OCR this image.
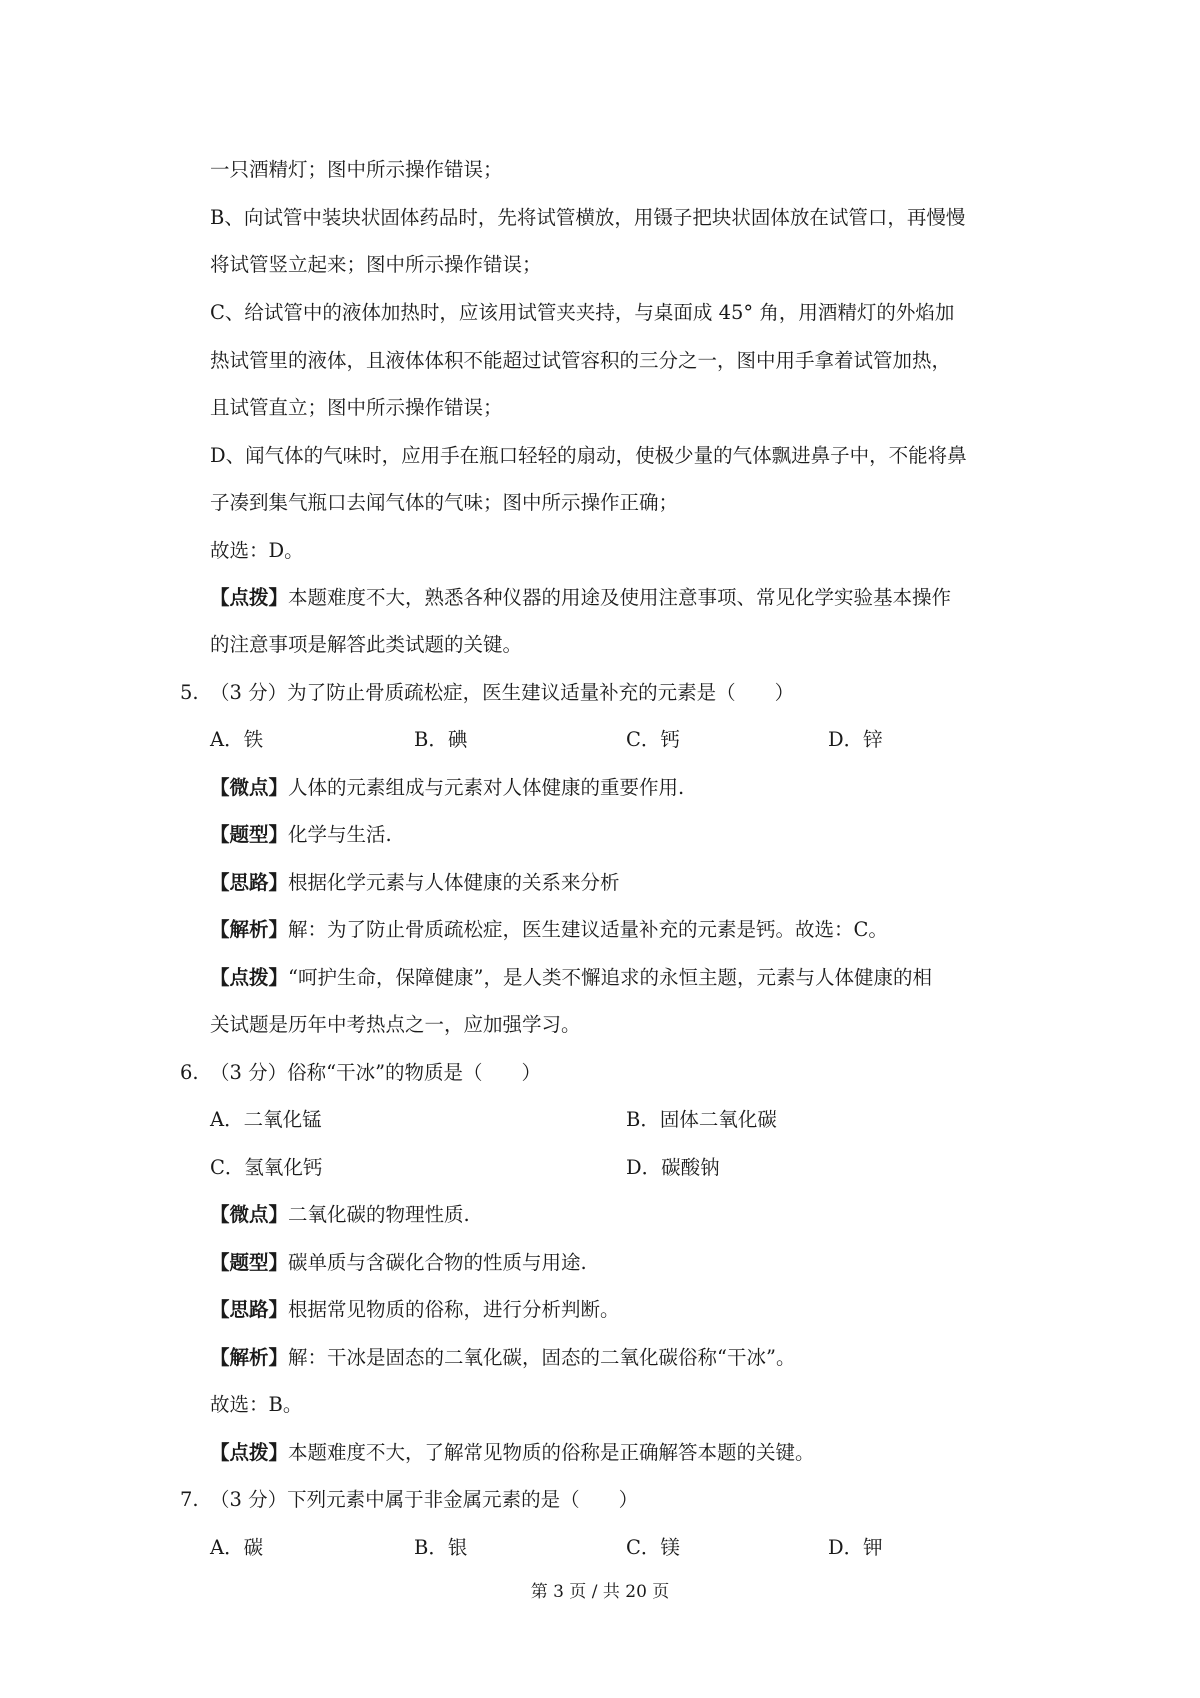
一只酒精灯；图中所示操作错误；
B、向试管中装块状固体药品时，先将试管横放，用镊子把块状固体放在试管口，再慢慢
将试管竖立起来；图中所示操作错误；
C、给试管中的液体加热时，应该用试管夹夹持，与桌面成 45° 角，用酒精灯的外焰加
热试管里的液体，且液体体积不能超过试管容积的三分之一，图中用手拿着试管加热，
且试管直立；图中所示操作错误；
D、闻气体的气味时，应用手在瓶口轻轻的扇动，使极少量的气体飘进鼻子中，不能将鼻
子凑到集气瓶口去闻气体的气味；图中所示操作正确；
故选：D。
【点拨】本题难度不大，熟悉各种仪器的用途及使用注意事项、常见化学实验基本操作
的注意事项是解答此类试题的关键。
5. （3 分）为了防止骨质疏松症，医生建议适量补充的元素是（　　）
A．铁	B．碘	C．钙	D．锌
【微点】人体的元素组成与元素对人体健康的重要作用.
【题型】化学与生活.
【思路】根据化学元素与人体健康的关系来分析
【解析】解：为了防止骨质疏松症，医生建议适量补充的元素是钙。故选：C。
【点拨】“呵护生命，保障健康”，是人类不懈追求的永恒主题，元素与人体健康的相
关试题是历年中考热点之一，应加强学习。
6. （3 分）俗称“干冰”的物质是（　　）
A．二氧化锰	B．固体二氧化碳
C．氢氧化钙	D．碳酸钠
【微点】二氧化碳的物理性质.
【题型】碳单质与含碳化合物的性质与用途.
【思路】根据常见物质的俗称，进行分析判断。
【解析】解：干冰是固态的二氧化碳，固态的二氧化碳俗称“干冰”。
故选：B。
【点拨】本题难度不大，了解常见物质的俗称是正确解答本题的关键。
7. （3 分）下列元素中属于非金属元素的是（　　）
A．碳	B．银	C．镁	D．钾
第 3 页 / 共 20 页
